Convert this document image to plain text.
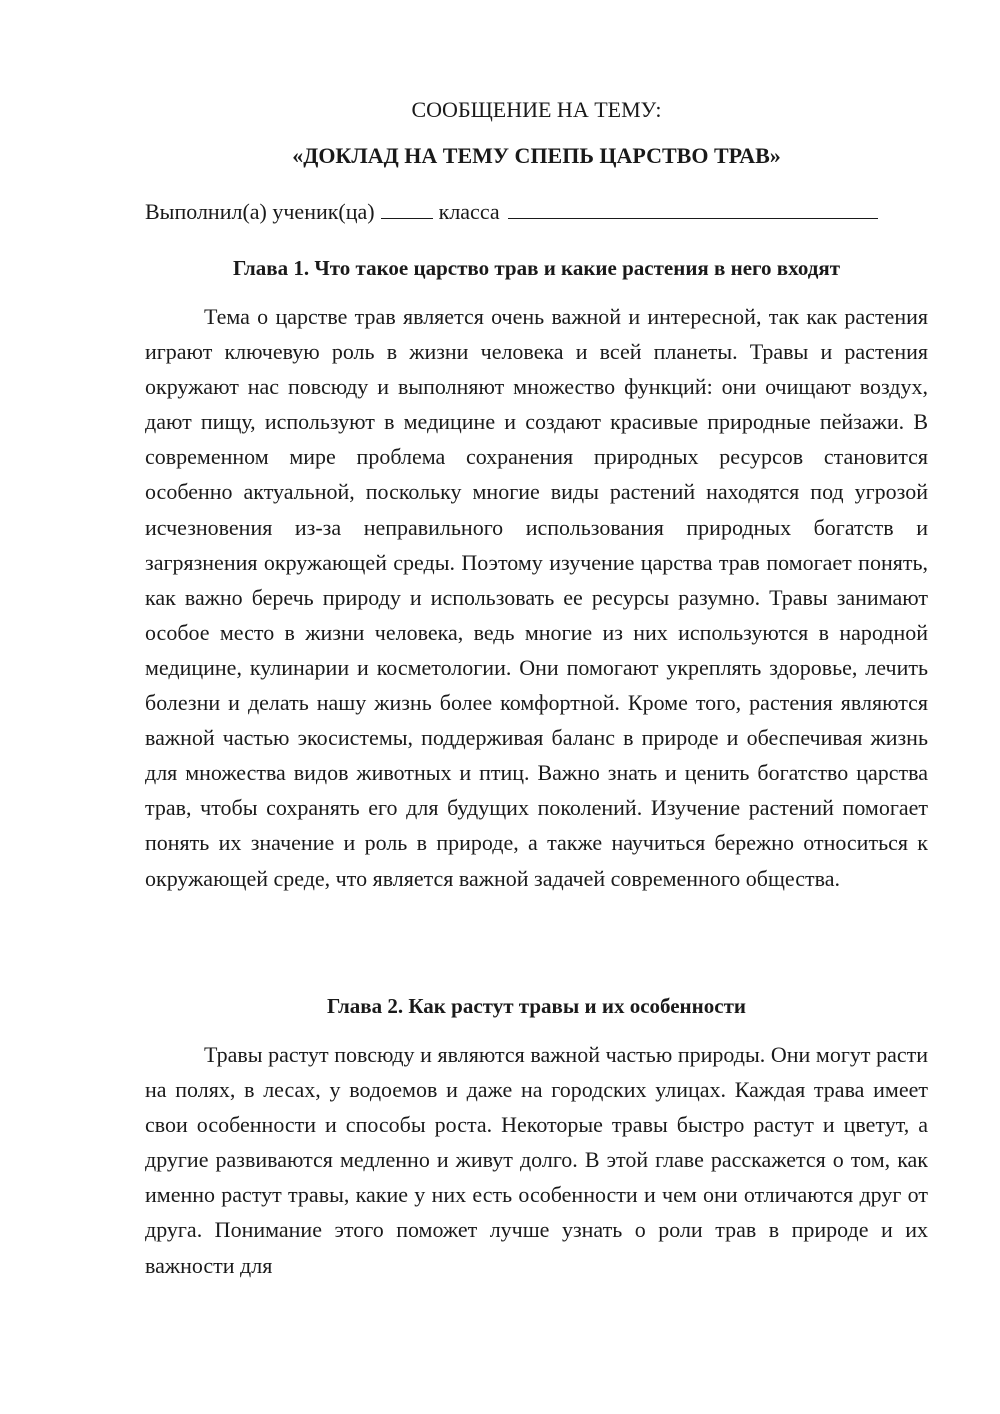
СООБЩЕНИЕ НА ТЕМУ:
«ДОКЛАД НА ТЕМУ СПЕПЬ ЦАРСТВО ТРАВ»
Выполнил(а) ученик(ца)	класса
Глава 1. Что такое царство трав и какие растения в него входят

Тема о царстве трав является очень важной и интересной, так как растения играют ключевую роль в жизни человека и всей планеты. Травы и растения окружают нас повсюду и выполняют множество функций: они очищают воздух, дают пищу, используют в медицине и создают красивые природные пейзажи. В современном мире проблема сохранения природных ресурсов становится особенно актуальной, поскольку многие виды растений находятся под угрозой исчезновения из-за неправильного использования природных богатств и загрязнения окружающей среды. Поэтому изучение царства трав помогает понять, как важно беречь природу и использовать ее ресурсы разумно. Травы занимают особое место в жизни человека, ведь многие из них используются в народной медицине, кулинарии и косметологии. Они помогают укреплять здоровье, лечить болезни и делать нашу жизнь более комфортной. Кроме того, растения являются важной частью экосистемы, поддерживая баланс в природе и обеспечивая жизнь для множества видов животных и птиц. Важно знать и ценить богатство царства трав, чтобы сохранять его для будущих поколений. Изучение растений помогает понять их значение и роль в природе, а также научиться бережно относиться к окружающей среде, что является важной задачей современного общества.

Глава 2. Как растут травы и их особенности

Травы растут повсюду и являются важной частью природы. Они могут расти на полях, в лесах, у водоемов и даже на городских улицах. Каждая трава имеет свои особенности и способы роста. Некоторые травы быстро растут и цветут, а другие развиваются медленно и живут долго. В этой главе расскажется о том, как именно растут травы, какие у них есть особенности и чем они отличаются друг от друга. Понимание этого поможет лучше узнать о роли трав в природе и их важности для
